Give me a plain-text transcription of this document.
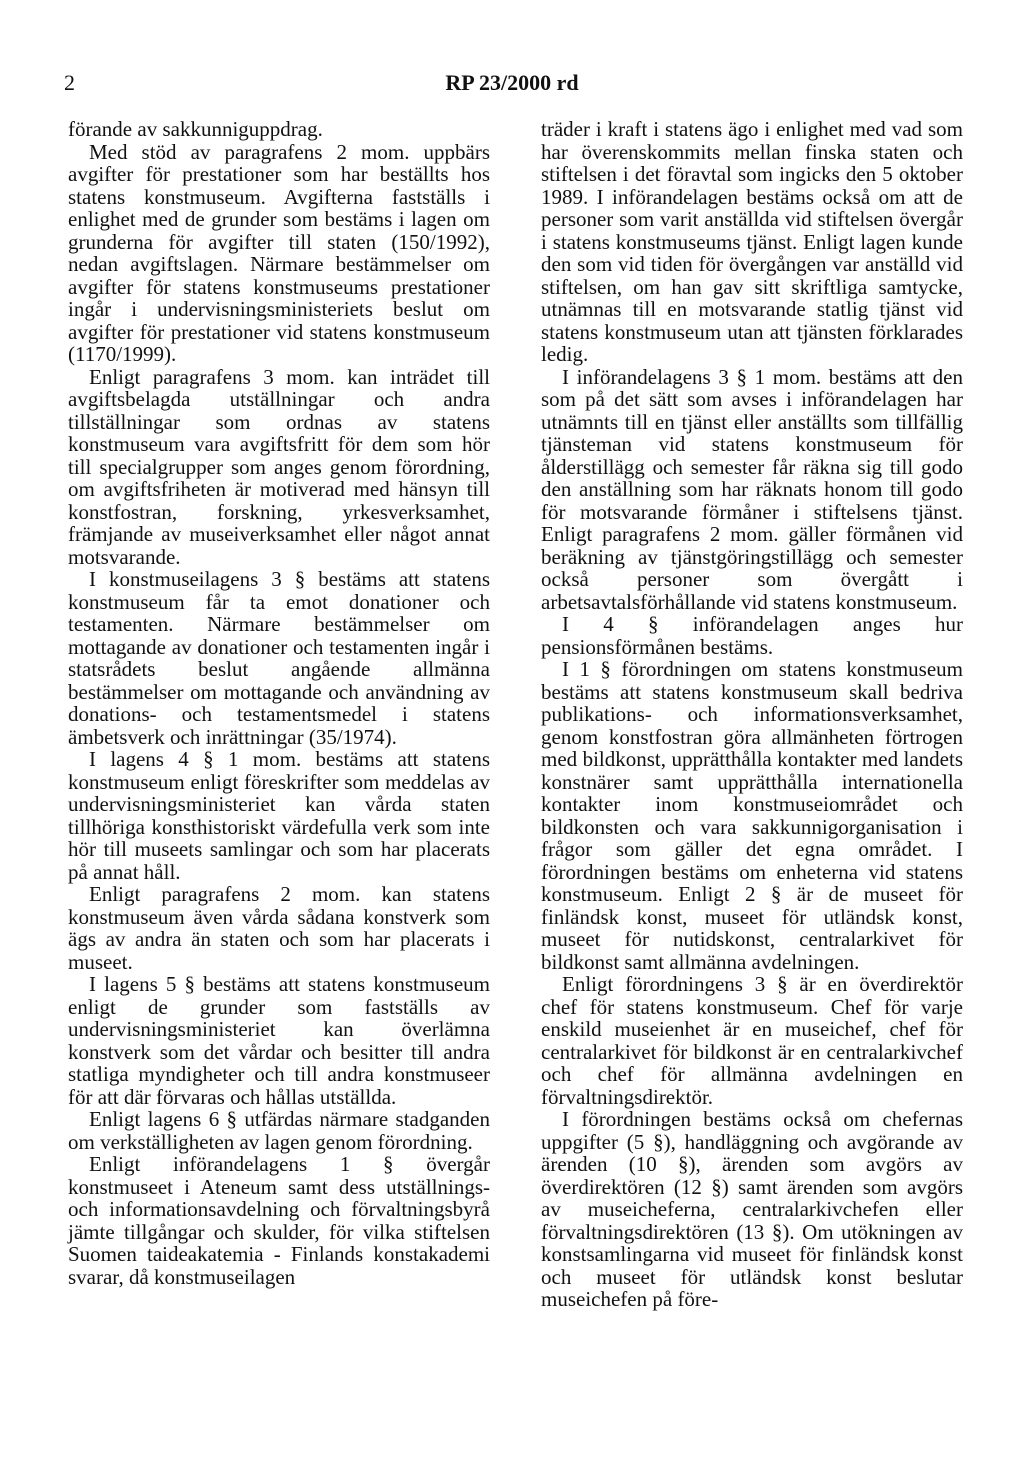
2	RP 23/2000 rd

förande av sakkunniguppdrag.

Med stöd av paragrafens 2 mom. uppbärs avgifter för prestationer som har beställts hos statens konstmuseum. Avgifterna fastställs i enlighet med de grunder som bestäms i lagen om grunderna för avgifter till staten (150/1992), nedan avgiftslagen. Närmare bestämmelser om avgifter för statens konstmuseums prestationer ingår i undervisningsministeriets beslut om avgifter för prestationer vid statens konstmuseum (1170/1999).

Enligt paragrafens 3 mom. kan inträdet till avgiftsbelagda utställningar och andra tillställningar som ordnas av statens konstmuseum vara avgiftsfritt för dem som hör till specialgrupper som anges genom förordning, om avgiftsfriheten är motiverad med hänsyn till konstfostran, forskning, yrkesverksamhet, främjande av museiverksamhet eller något annat motsvarande.

I konstmuseilagens 3 § bestäms att statens konstmuseum får ta emot donationer och testamenten. Närmare bestämmelser om mottagande av donationer och testamenten ingår i statsrådets beslut angående allmänna bestämmelser om mottagande och användning av donations- och testamentsmedel i statens ämbetsverk och inrättningar (35/1974).

I lagens 4 § 1 mom. bestäms att statens konstmuseum enligt föreskrifter som meddelas av undervisningsministeriet kan vårda staten tillhöriga konsthistoriskt värdefulla verk som inte hör till museets samlingar och som har placerats på annat håll.

Enligt paragrafens 2 mom. kan statens konstmuseum även vårda sådana konstverk som ägs av andra än staten och som har placerats i museet.

I lagens 5 § bestäms att statens konstmuseum enligt de grunder som fastställs av undervisningsministeriet kan överlämna konstverk som det vårdar och besitter till andra statliga myndigheter och till andra konstmuseer för att där förvaras och hållas utställda.

Enligt lagens 6 § utfärdas närmare stadganden om verkställigheten av lagen genom förordning.

Enligt införandelagens 1 § övergår konstmuseet i Ateneum samt dess utställnings- och informationsavdelning och förvaltningsbyrå jämte tillgångar och skulder, för vilka stiftelsen Suomen taideakatemia - Finlands konstakademi svarar, då konstmuseilagen

träder i kraft i statens ägo i enlighet med vad som har överenskommits mellan finska staten och stiftelsen i det föravtal som ingicks den 5 oktober 1989. I införandelagen bestäms också om att de personer som varit anställda vid stiftelsen övergår i statens konstmuseums tjänst. Enligt lagen kunde den som vid tiden för övergången var anställd vid stiftelsen, om han gav sitt skriftliga samtycke, utnämnas till en motsvarande statlig tjänst vid statens konstmuseum utan att tjänsten förklarades ledig.

I införandelagens 3 § 1 mom. bestäms att den som på det sätt som avses i införandelagen har utnämnts till en tjänst eller anställts som tillfällig tjänsteman vid statens konstmuseum för ålderstillägg och semester får räkna sig till godo den anställning som har räknats honom till godo för motsvarande förmåner i stiftelsens tjänst. Enligt paragrafens 2 mom. gäller förmånen vid beräkning av tjänstgöringstillägg och semester också personer som övergått i arbetsavtalsförhållande vid statens konstmuseum.

I 4 § införandelagen anges hur pensionsförmånen bestäms.

I 1 § förordningen om statens konstmuseum bestäms att statens konstmuseum skall bedriva publikations- och informationsverksamhet, genom konstfostran göra allmänheten förtrogen med bildkonst, upprätthålla kontakter med landets konstnärer samt upprätthålla internationella kontakter inom konstmuseiområdet och bildkonsten och vara sakkunnigorganisation i frågor som gäller det egna området. I förordningen bestäms om enheterna vid statens konstmuseum. Enligt 2 § är de museet för finländsk konst, museet för utländsk konst, museet för nutidskonst, centralarkivet för bildkonst samt allmänna avdelningen.

Enligt förordningens 3 § är en överdirektör chef för statens konstmuseum. Chef för varje enskild museienhet är en museichef, chef för centralarkivet för bildkonst är en centralarkivchef och chef för allmänna avdelningen en förvaltningsdirektör.

I förordningen bestäms också om chefernas uppgifter (5 §), handläggning och avgörande av ärenden (10 §), ärenden som avgörs av överdirektören (12 §) samt ärenden som avgörs av museicheferna, centralarkivchefen eller förvaltningsdirektören (13 §). Om utökningen av konstsamlingarna vid museet för finländsk konst och museet för utländsk konst beslutar museichefen på före-
